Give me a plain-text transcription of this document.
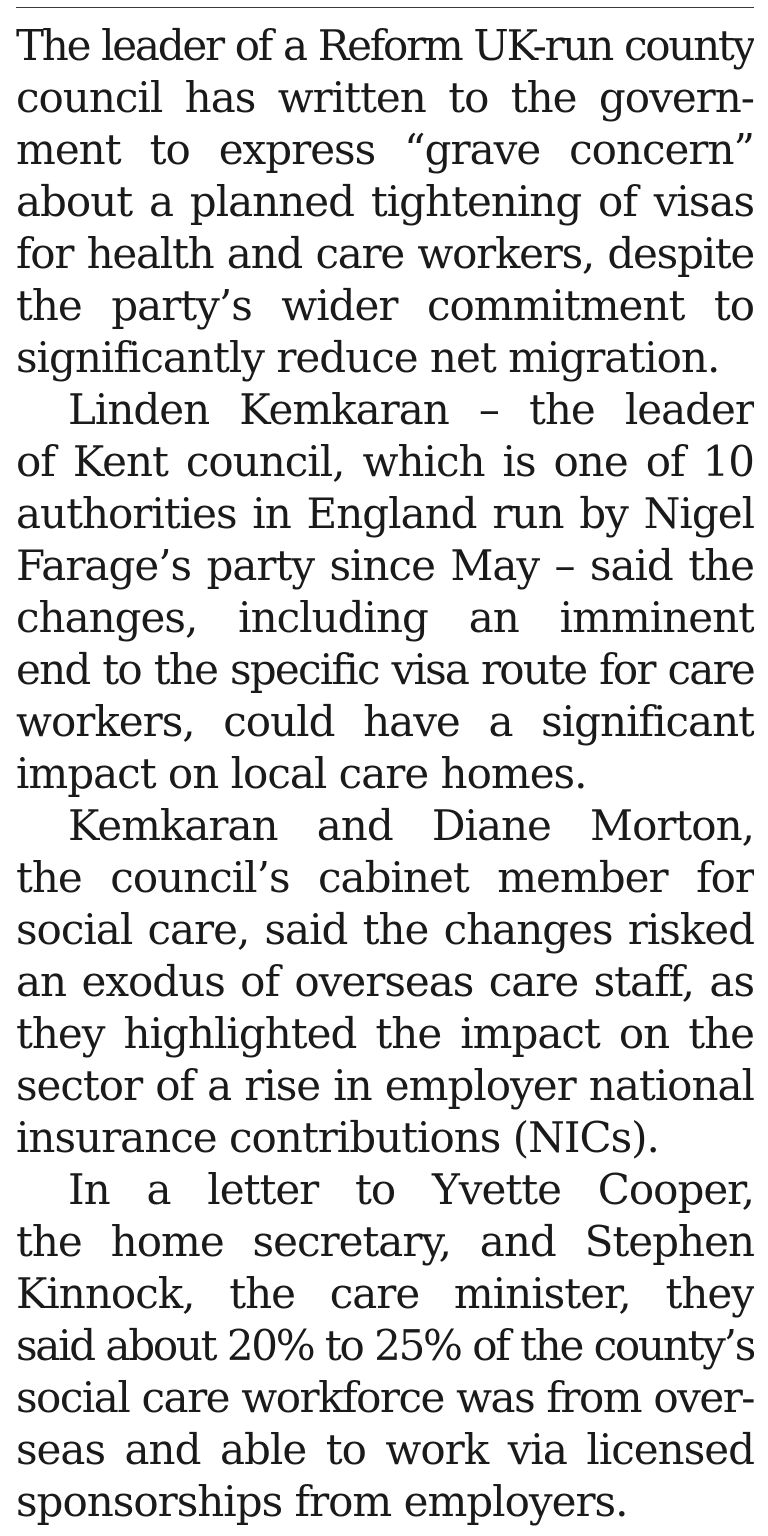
The leader of a Reform UK-run county
council has written to the govern-
ment to express “grave concern”
about a planned tightening of visas
for health and care workers, despite
the party’s wider commitment to
significantly reduce net migration.
Linden Kemkaran – the leader
of Kent council, which is one of 10
authorities in England run by Nigel
Farage’s party since May – said the
changes, including an imminent
end to the specific visa route for care
workers, could have a significant
impact on local care homes.
Kemkaran and Diane Morton,
the council’s cabinet member for
social care, said the changes risked
an exodus of overseas care staff, as
they highlighted the impact on the
sector of a rise in employer national
insurance contributions (NICs).
In a letter to Yvette Cooper,
the home secretary, and Stephen
Kinnock, the care minister, they
said about 20% to 25% of the county’s
social care workforce was from over-
seas and able to work via licensed
sponsorships from employers.
